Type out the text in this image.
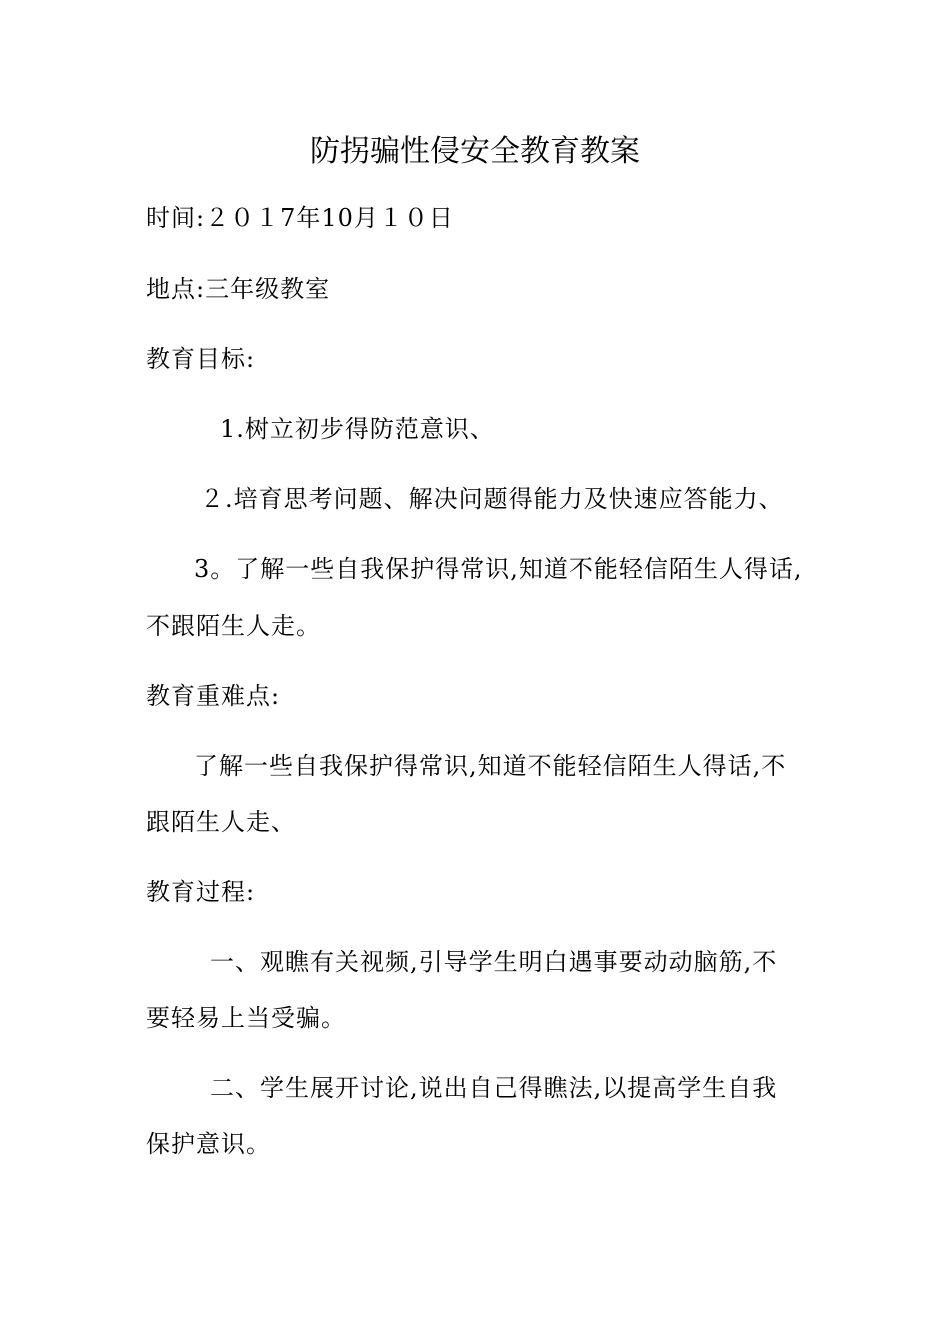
防拐骗性侵安全教育教案
时间:２０１7年10月１０日
地点:三年级教室
教育目标:
1.树立初步得防范意识、
２.培育思考问题、解决问题得能力及快速应答能力、
3。了解一些自我保护得常识,知道不能轻信陌生人得话,
不跟陌生人走。
教育重难点:
了解一些自我保护得常识,知道不能轻信陌生人得话,不
跟陌生人走、
教育过程:
一、观瞧有关视频,引导学生明白遇事要动动脑筋,不
要轻易上当受骗。
二、学生展开讨论,说出自己得瞧法,以提高学生自我
保护意识。
